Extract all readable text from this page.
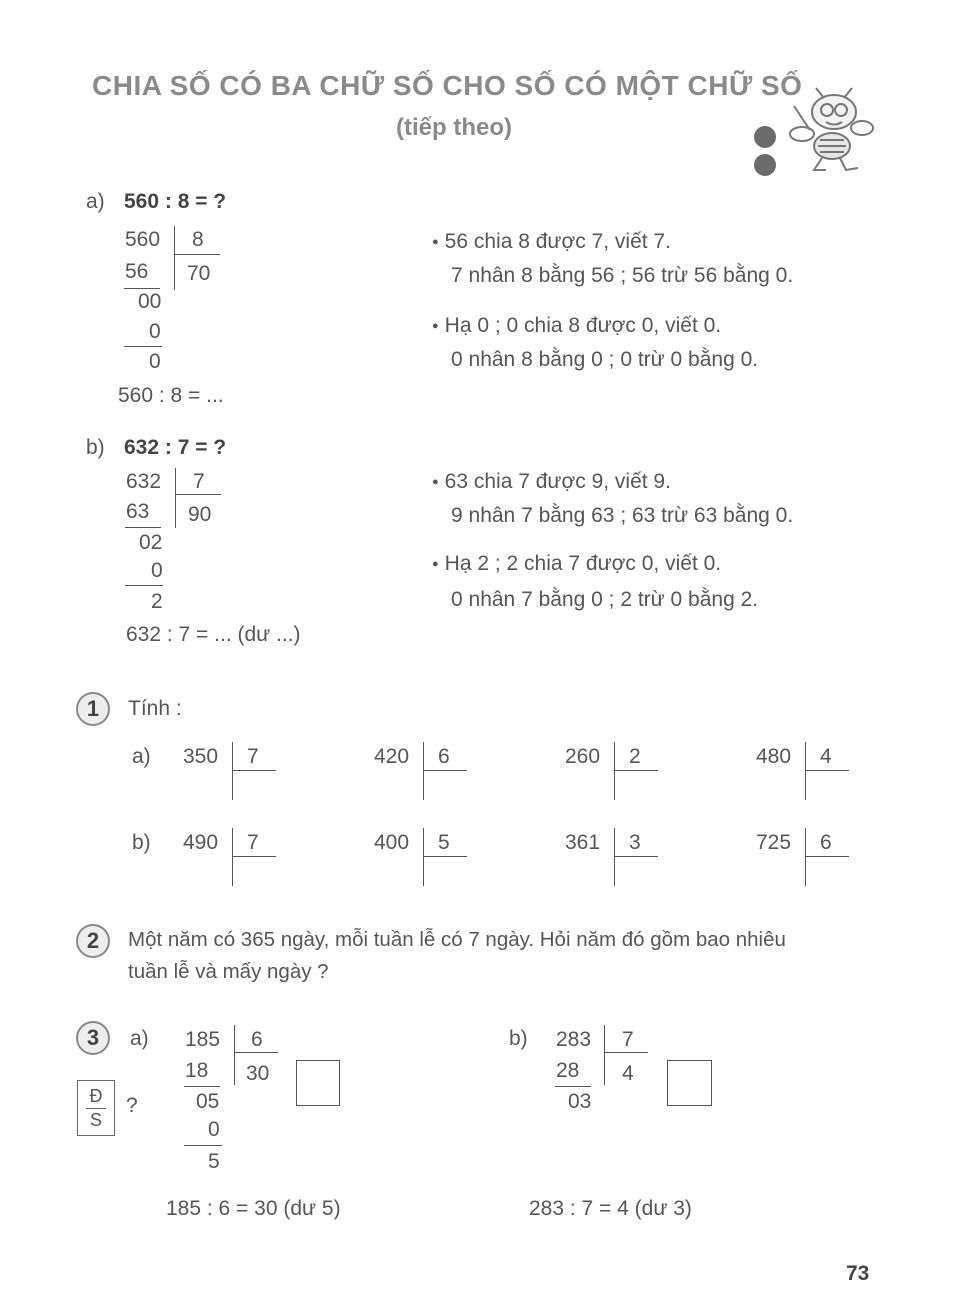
CHIA SỐ CÓ BA CHỮ SỐ CHO SỐ CÓ MỘT CHỮ SỐ
(tiếp theo)
a) 560 : 8 = ?
560 8
70
56
00
0
0
560 : 8 = ...
● 56 chia 8 được 7, viết 7.
7 nhân 8 bằng 56 ; 56 trừ 56 bằng 0.
● Hạ 0 ; 0 chia 8 được 0, viết 0.
0 nhân 8 bằng 0 ; 0 trừ 0 bằng 0.
b) 632 : 7 = ?
632 7
90
63
02
0
2
632 : 7 = ... (dư ...)
● 63 chia 7 được 9, viết 9.
9 nhân 7 bằng 63 ; 63 trừ 63 bằng 0.
● Hạ 2 ; 2 chia 7 được 0, viết 0.
0 nhân 7 bằng 0 ; 2 trừ 0 bằng 2.
1	Tính :
a)
b)
350 7	420 6	260 2	480 4
490 7	400 5	361 3	725 6
2	Một năm có 365 ngày, mỗi tuần lễ có 7 ngày. Hỏi năm đó gồm bao nhiêu
tuần lễ và mấy ngày ?
3	a)
Đ
S
?
185 6
30
18
05
0
5
185 : 6 = 30 (dư 5)
b) 283 7
4
28
03
283 : 7 = 4 (dư 3)
73
